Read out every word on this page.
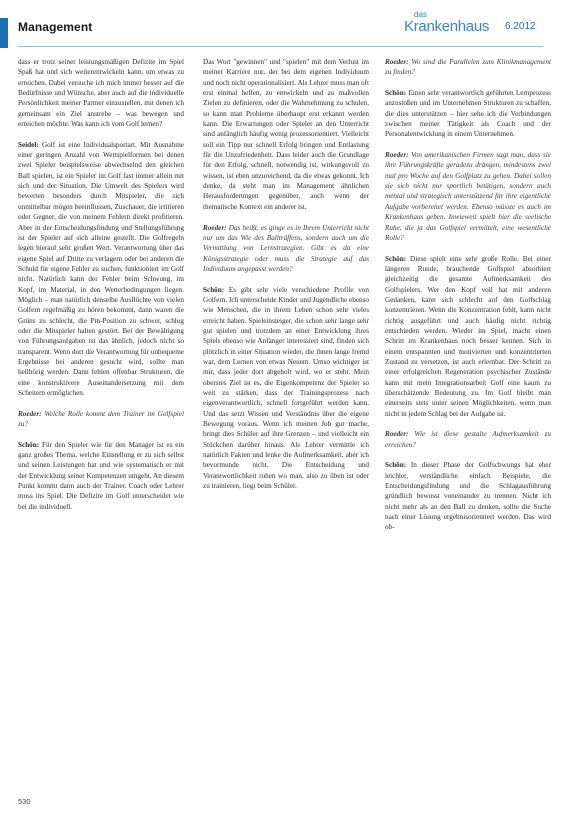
Management
das
Krankenhaus 6.2012

dass er trotz seiner leistungsmäßigen Defizite im Spiel Spaß hat und sich weiterentwickeln kann, um etwas zu erreichen. Dabei versuche ich mich immer besser auf die Bedürfnisse und Wünsche, aber auch auf die individuelle Persönlichkeit meiner Partner einzustellen, mit denen ich gemeinsam ein Ziel anstrebe – was bewegen und erreichen möchte. Was kann ich vom Golf lernen?

Seidel: Golf ist eine Individualsportart. Mit Ausnahme einer geringen Anzahl von Wettspielformen bei denen zwei Spieler beispielsweise abwechselnd den gleichen Ball spielen, ist ein Spieler im Golf fast immer allein mit sich und der Situation. Die Umwelt des Spielers wird bewerten besonders durch Mitspieler, die sich unmittelbar mögen beeinflussen, Zuschauer, die irritieren oder Gegner, die von meinem Fehlern direkt profitieren. Aber in der Entscheidungsfindung und Stellungsführung ist der Spieler auf sich alleine gestellt. Die Golfregeln legen hierauf sehr großen Wert. Verantwortung über das eigene Spiel auf Dritte zu verlagern oder bei anderen die Schuld für eigene Fehler zu suchen, funktioniert im Golf nicht. Natürlich kann der Fehler beim Schwung, im Kopf, im Material, in den Wetterbedingungen liegen. Möglich – man natürlich denselbe Ausflüchte von vielen Golfern regelmäßig zu hören bekommt, dann waren die Grüns zu schlecht, die Pin-Position zu schwer, schlug oder die Mitspieler halten gestört. Bei der Bewältigung von Führungsaufgaben ist das ähnlich, jedoch nicht so transparent. Wenn dort die Verantwortung für unbequeme Ergebnisse bei anderen gesucht wird, sollte man hellhörig werden. Dann fehlen offenbar Strukturen, die eine konstruktivere Auseinandersetzung mit dem Scheitern ermöglichen.

Roeder: Welche Rolle kommt dem Trainer im Golfspiel zu?

Schön: Für den Spieler wie für den Manager ist es ein ganz großes Thema, welche Einstellung er zu sich selbst und seinen Leistungen hat und wie systematisch er mit der Entwicklung seiner Kompetenzen umgeht. An diesem Punkt kommt dann auch der Trainer. Coach oder Lehrer muss ins Spiel. Die Defizite im Golf unterscheidet wie bei die individuell.

Das Wort "gewinnen" und "spielen" mit dem Verlust im meiner Karriere nur, der bei dem eigenen Individuum und noch nicht operationalisiert. Als Lehrer muss man oft erst einmal helfen, zu entwickeln und zu maßvollen Zielen zu definieren, oder die Wahrnehmung zu schulen, so kann man Probleme überhaupt erst erkannt werden kann. Die Erwartungen oder Spieler an den Unterricht sind anfänglich häufig wenig prozessorientiert. Vielleicht soll ein Tipp nur schnell Erfolg bringen und Entlastung für die Unzufriedenheit. Dass leider auch die Grundlage für den Erfolg, schnell, notwendig ist, wirkungsvoll zu wissen, ist eben unzureichend, da die etwas gekonnt. Ich denke, da steht man im Management ähnlichen Herausforderungen gegenüber, auch wenn der thematische Kontext ein anderer ist.

Roeder: Das heißt, es ginge es in Ihrem Unterricht nicht nur um das Wie des Ballträffens, sondern auch um die Vermittlung von Lernstrategien. Gibt es da eine Königsstrategie oder muss die Strategie auf das Individuum angepasst werden?

Schön: Es gibt sehr viele verschiedene Profile von Golfern. Ich unterscheide Kinder und Jugendliche ebenso wie Menschen, die in ihrem Leben schon sehr vieles erreicht haben. Spieleinsteiger, die schon sehr lange sehr gut spielen und trotzdem an einer Entwicklung ihres Spiels ebenso wie Anfänger interessiert sind, finden sich plötzlich in einer Situation wieder, die ihnen lange fremd war, dem Lernen von etwas Neuem. Umso wichtiger ist mir, dass jeder dort abgeholt wird, wo er steht. Mein oberstes Ziel ist es, die Eigenkompetenz der Spieler so weit zu stärken, dass der Trainingsprozess nach eigenverantwortlich, schnell fortgeführt werden kann. Und das setzt Wissen und Verständnis über die eigene Bewegung voraus. Wenn ich meinen Job gut mache, bringt dies Schüler auf ihre Grenzen – und vielleicht ein Stückchen darüber hinaus. Als Lehrer vermittle ich natürlich Fakten und lenke die Aufmerksamkeit, aber ich bevormunde nicht. Die Entscheidung und Verantwortlichkeit ruhen wo man, also zu üben ist oder zu trainieren, liegt beim Schüler.

Roeder: Wo sind die Parallelen zum Klinikmanagement zu finden?

Schön: Einen sehr verantwortlich geführten Lernprozess anzustoßen und im Unternehmen Strukturen zu schaffen, die dies unterstützen – hier sehe ich die Verbindungen zwischen meiner Tätigkeit als Coach und der Personalentwicklung in einem Unternehmen.

Roeder: Von amerikanischen Firmen sagt man, dass sie ihre Führungskräfte geradezu drängen, mindestens zwei mal pro Woche auf den Golfplatz zu gehen. Dabei sollen sie sich nicht nur sportlich betätigen, sondern auch mental und strategisch unterstützend für ihre eigentliche Aufgabe vorbereitet werden. Ebenso müsste es auch im Krankenhaus geben. Inwieweit spielt hier die seelische Ruhe, die ja das Golfspiel vermittelt, eine wesentliche Rolle?

Schön: Diese spielt eine sehr große Rolle. Bei einer längeren Runde, brauchende Golfspiel absorbiert gleichzeitig die gesamte Aufmerksamkeit des Golfspielers. Wer den Kopf voll hat mit anderen Gedanken, kann sich schlecht auf den Golfschlag konzentrieren. Wenn die Konzentration fehlt, kann nicht richtig ausgeführt und auch häufig nicht richtig entschieden werden. Wieder im Spiel, macht einen Schritt im Krankenhaus noch besser kennen. Sich in einem entspannten und motivierten und konzentrierten Zustand zu versetzen, ist auch erlernbar. Der Schritt zu einer erfolgreichen Regeneration psychischer Zustände kann mit mein Integrationsarbeit Golf eine kaum zu überschätzende Bedeutung zu. Im Golf bleibt man einerseits stets unter seinen Möglichkeiten, wenn man nicht in jedem Schlag bei der Aufgabe ist.

Roeder: Wie ist diese gestalte Aufmerksamkeit zu erreichen?

Schön: In dieser Phase der Golfschwungs hat eher leichter, verständliche einfach Beispiele, die Entscheidungsfindung und die Schlagausführung gründlich bewusst voneinander zu trennen. Nicht ich nicht mehr als an den Ball zu denken, sollte die Suche nach einer Lösung ergebnisorientiert werden. Das wird ob-

530
